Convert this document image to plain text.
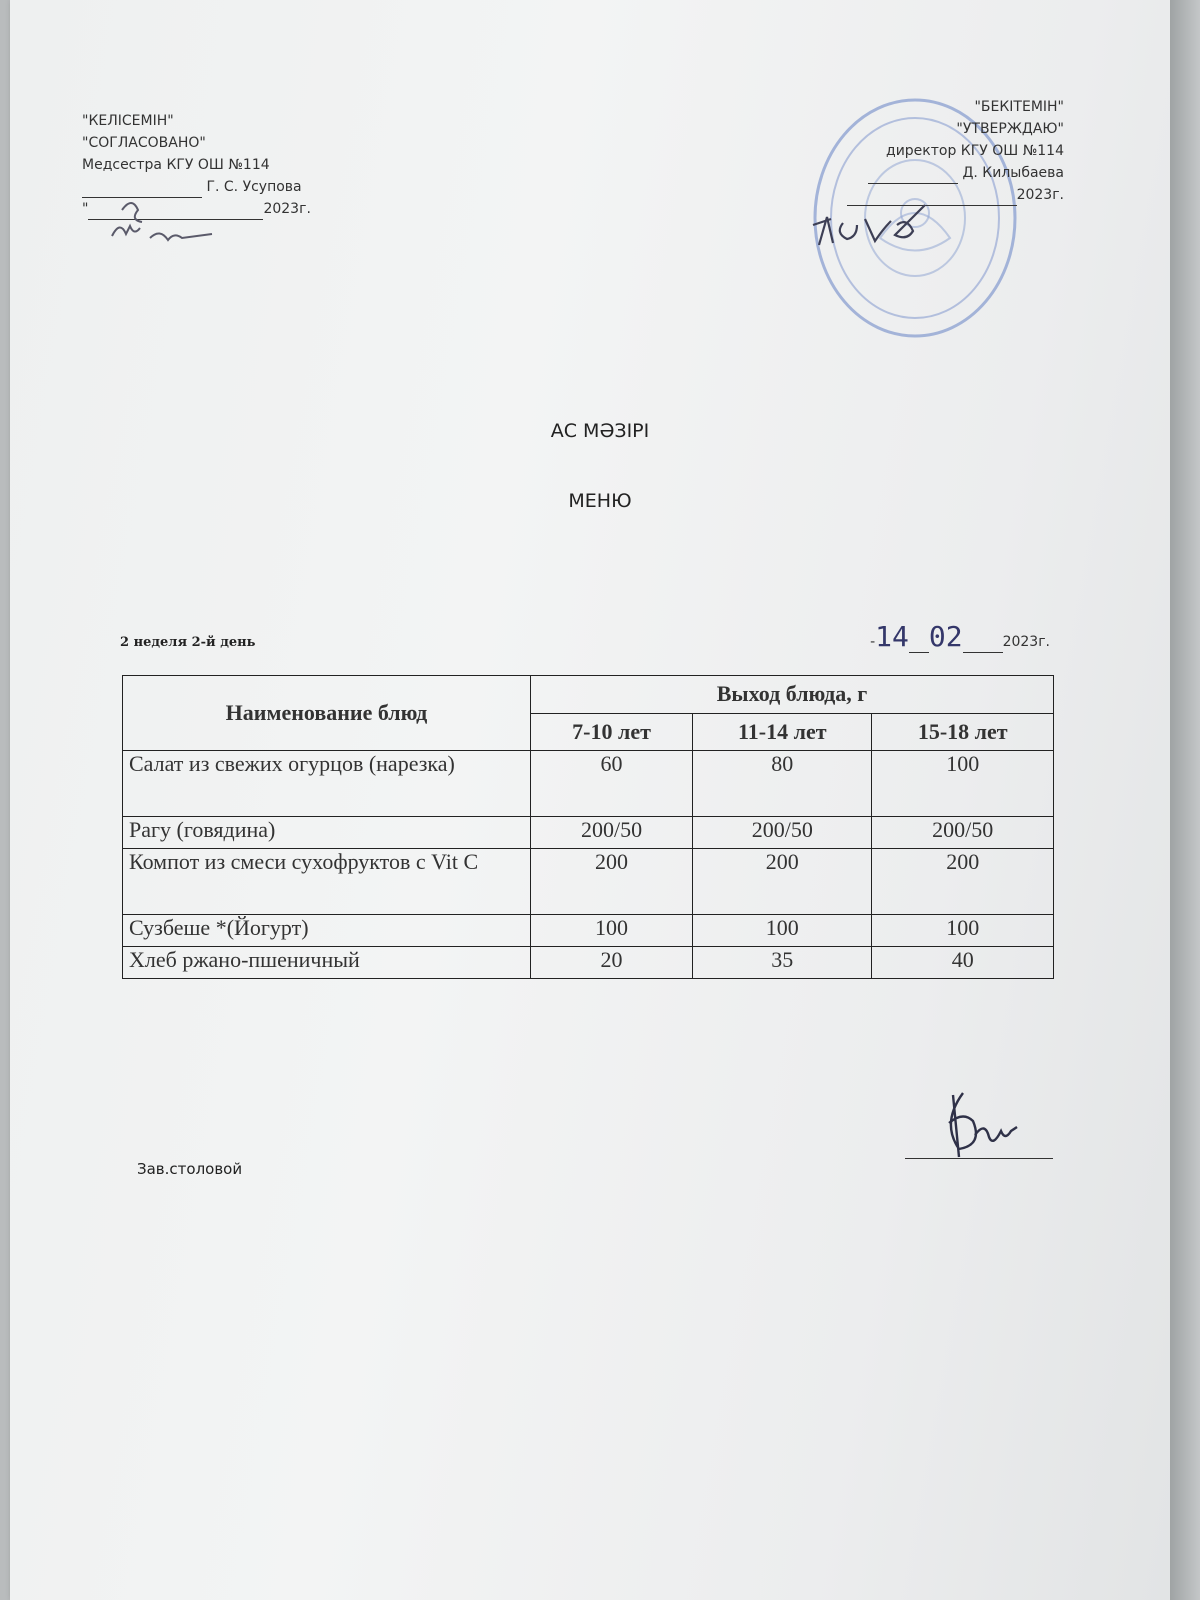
"КЕЛІСЕМІН"
"СОГЛАСОВАНО"
Медсестра КГУ ОШ №114
Г. С. Усупова
"	2023г.
"БЕКІТЕМІН"
"УТВЕРЖДАЮ"
директор КГУ ОШ №114
Д. Килыбаева
2023г.
АС МӘЗІРІ
МЕНЮ
2 неделя 2-й день	-14 02	2023г.
Наименование блюд	Выход блюда, г		
	7-10 лет	11-14 лет	15-18 лет
Салат из свежих огурцов (нарезка)	60	80	100
Рагу (говядина)	200/50	200/50	200/50
Компот из смеси сухофруктов с Vit C	200	200	200
Сузбеше *(Йогурт)	100	100	100
Хлеб ржано-пшеничный	20	35	40
Зав.столовой
